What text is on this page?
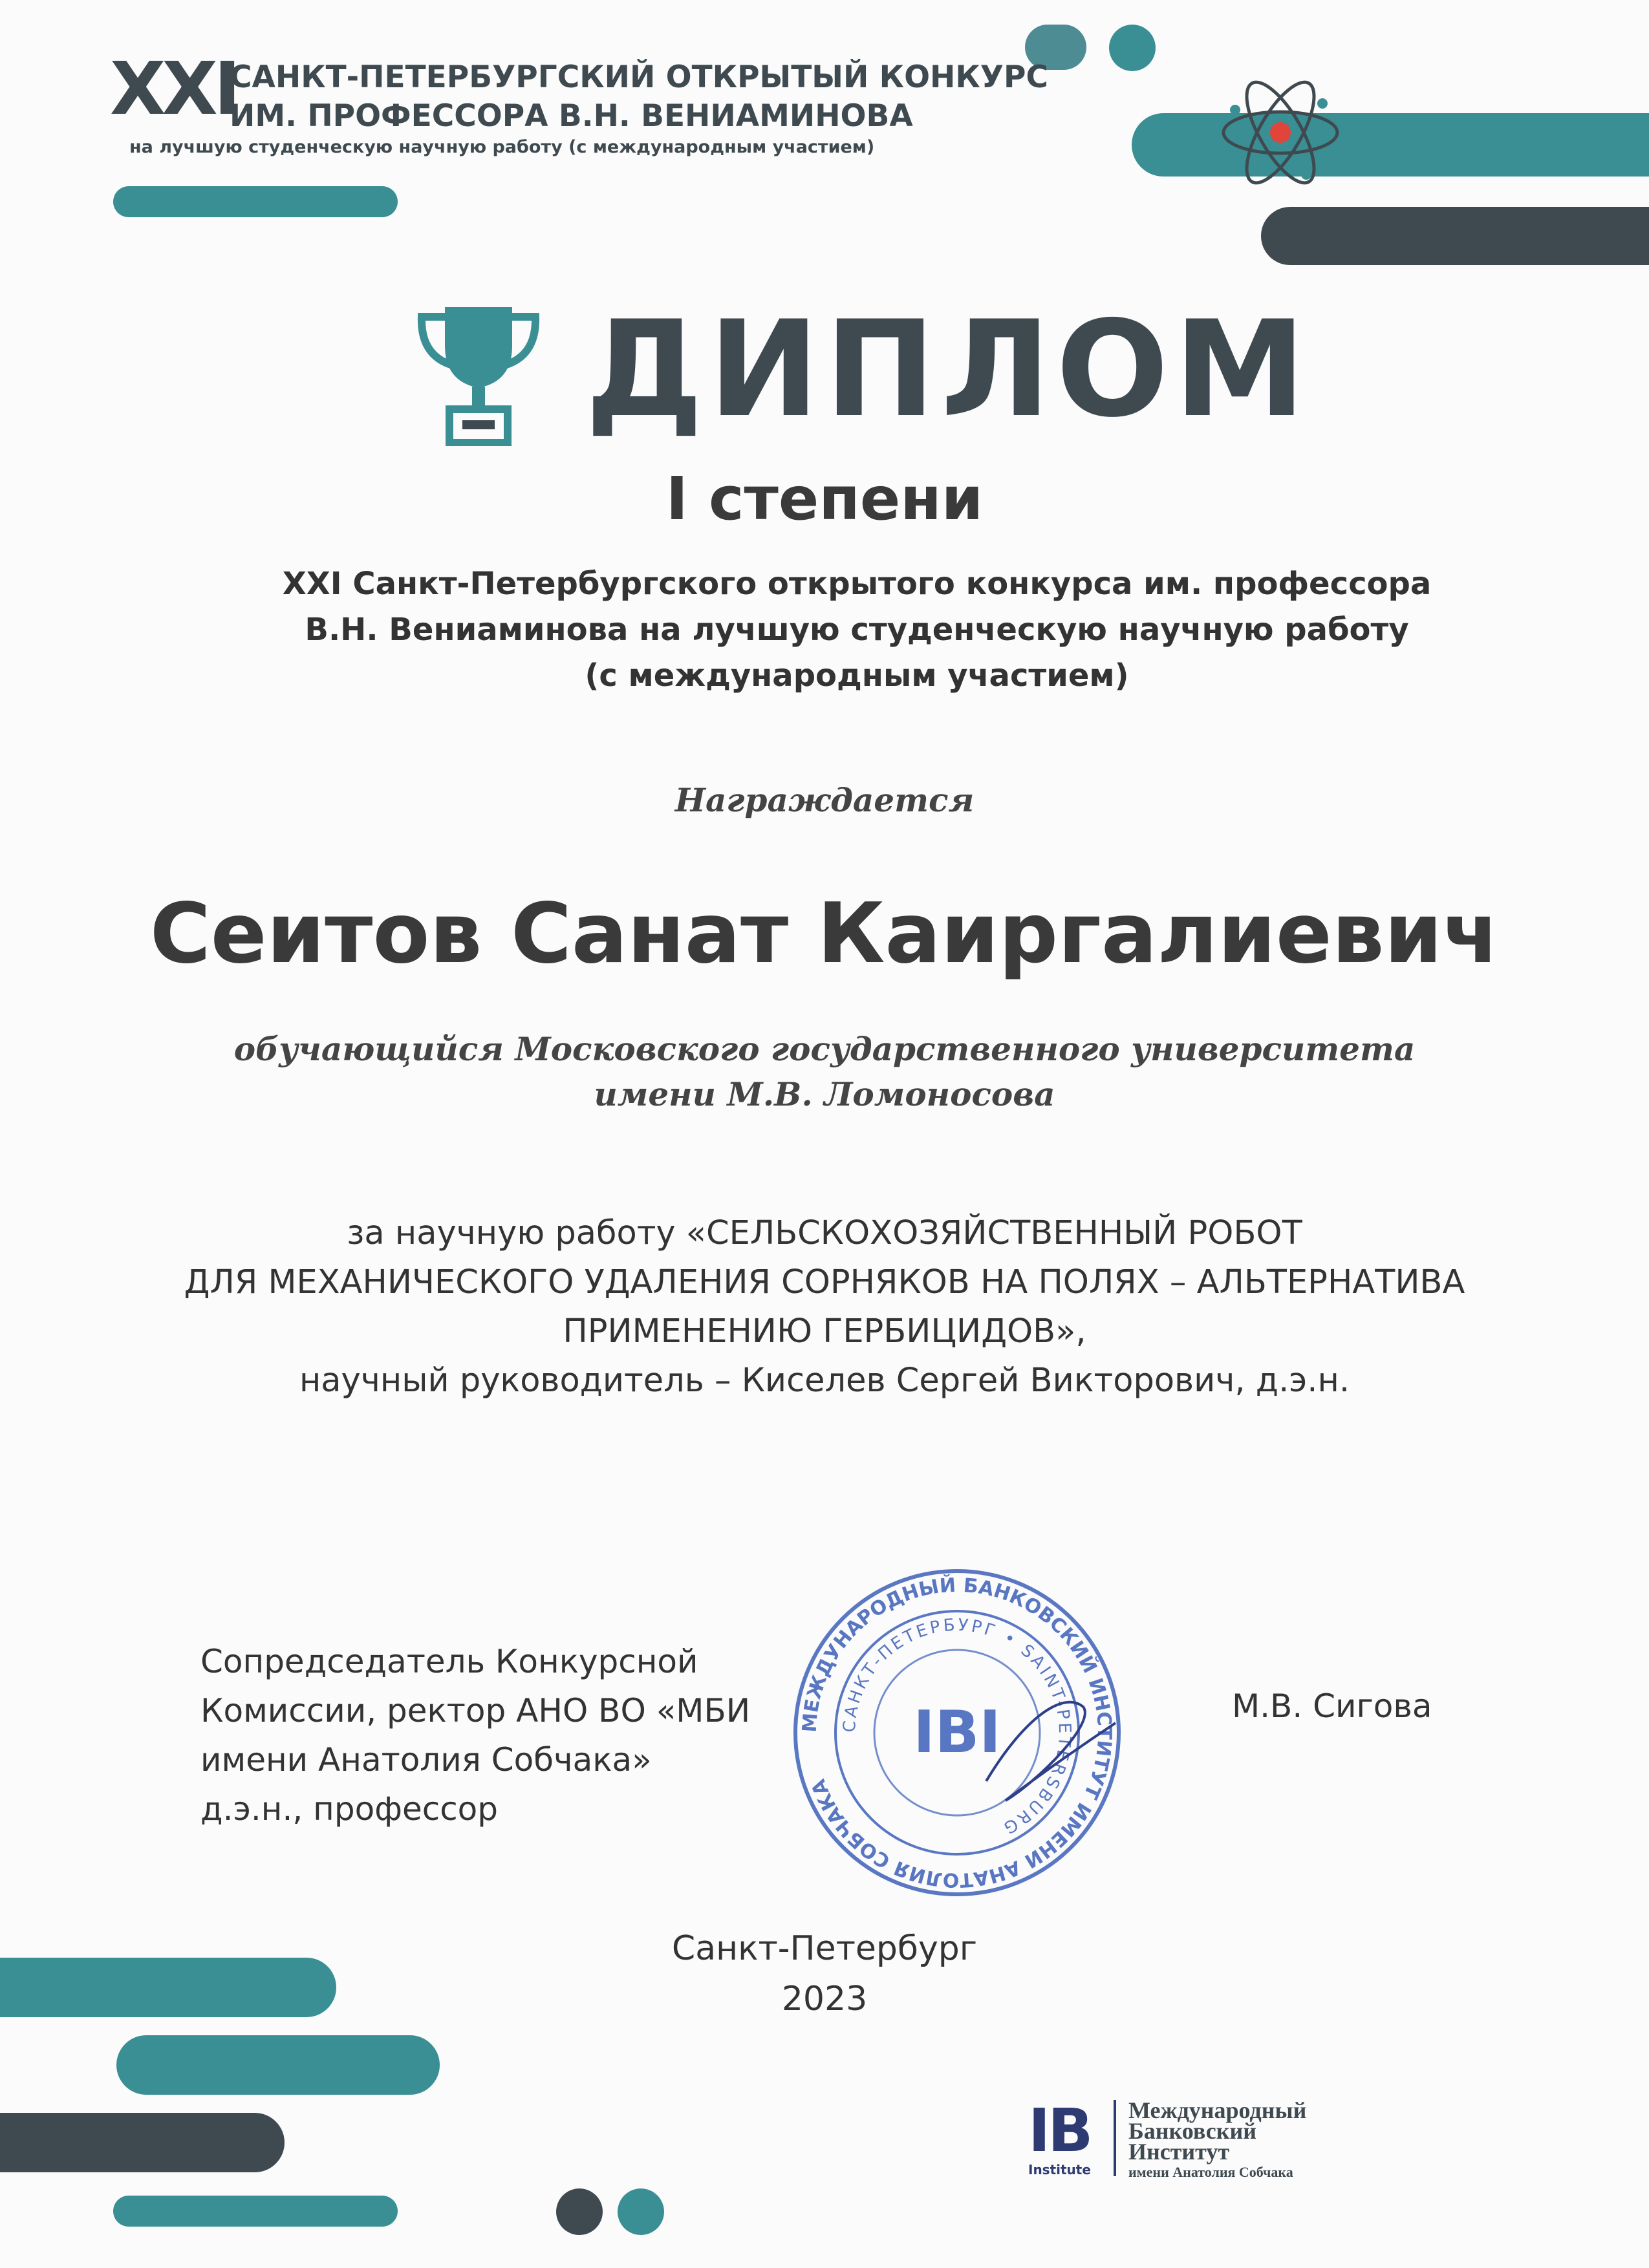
XXI
САНКТ-ПЕТЕРБУРГСКИЙ ОТКРЫТЫЙ КОНКУРС
ИМ. ПРОФЕССОРА В.Н. ВЕНИАМИНОВА
на лучшую студенческую научную работу (с международным участием)
ДИПЛОМ
I степени
XXI Санкт-Петербургского открытого конкурса им. профессора
В.Н. Вениаминова на лучшую студенческую научную работу
(с международным участием)
Награждается
Сеитов Санат Каиргалиевич
обучающийся Московского государственного университета
имени М.В. Ломоносова
за научную работу «СЕЛЬСКОХОЗЯЙСТВЕННЫЙ РОБОТ
ДЛЯ МЕХАНИЧЕСКОГО УДАЛЕНИЯ СОРНЯКОВ НА ПОЛЯХ – АЛЬТЕРНАТИВА
ПРИМЕНЕНИЮ ГЕРБИЦИДОВ»,
научный руководитель – Киселев Сергей Викторович, д.э.н.
Сопредседатель Конкурсной
Комиссии, ректор АНО ВО «МБИ
имени Анатолия Собчака»
д.э.н., профессор
М.В. Сигова
МЕЖДУНАРОДНЫЙ БАНКОВСКИЙ ИНСТИТУТ ИМЕНИ АНАТОЛИЯ СОБЧАКА
САНКТ-ПЕТЕРБУРГ • SAINT-PETERSBURG
IBI
Санкт-Петербург
2023
IB
Institute
Международный
Банковский
Институт
имени Анатолия Собчака
